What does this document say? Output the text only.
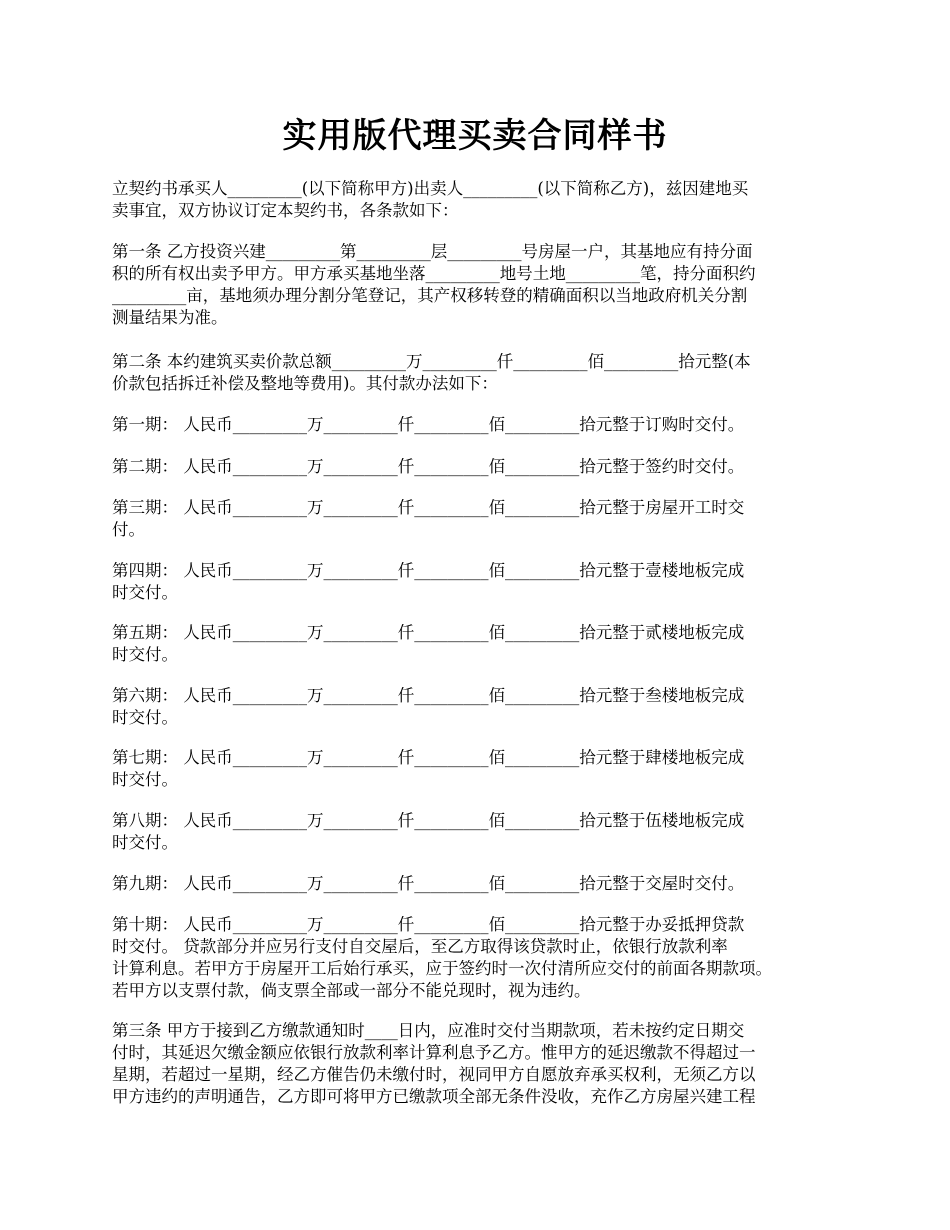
实用版代理买卖合同样书
立契约书承买人_________(以下简称甲方)出卖人_________(以下简称乙方)，兹因建地买
卖事宜，双方协议订定本契约书，各条款如下：
第一条 乙方投资兴建_________第_________层_________号房屋一户，其基地应有持分面
积的所有权出卖予甲方。甲方承买基地坐落_________地号土地_________笔，持分面积约
_________亩，基地须办理分割分笔登记，其产权移转登的精确面积以当地政府机关分割
测量结果为准。
第二条 本约建筑买卖价款总额_________万_________仟_________佰_________拾元整(本
价款包括拆迁补偿及整地等费用)。其付款办法如下：
第一期： 人民币_________万_________仟_________佰_________拾元整于订购时交付。
第二期： 人民币_________万_________仟_________佰_________拾元整于签约时交付。
第三期： 人民币_________万_________仟_________佰_________拾元整于房屋开工时交
付。
第四期： 人民币_________万_________仟_________佰_________拾元整于壹楼地板完成
时交付。
第五期： 人民币_________万_________仟_________佰_________拾元整于贰楼地板完成
时交付。
第六期： 人民币_________万_________仟_________佰_________拾元整于叁楼地板完成
时交付。
第七期： 人民币_________万_________仟_________佰_________拾元整于肆楼地板完成
时交付。
第八期： 人民币_________万_________仟_________佰_________拾元整于伍楼地板完成
时交付。
第九期： 人民币_________万_________仟_________佰_________拾元整于交屋时交付。
第十期： 人民币_________万_________仟_________佰_________拾元整于办妥抵押贷款
时交付。 贷款部分并应另行支付自交屋后，至乙方取得该贷款时止，依银行放款利率
计算利息。若甲方于房屋开工后始行承买，应于签约时一次付清所应交付的前面各期款项。
若甲方以支票付款，倘支票全部或一部分不能兑现时，视为违约。
第三条 甲方于接到乙方缴款通知时____日内，应准时交付当期款项，若未按约定日期交
付时，其延迟欠缴金额应依银行放款利率计算利息予乙方。惟甲方的延迟缴款不得超过一
星期，若超过一星期，经乙方催告仍未缴付时，视同甲方自愿放弃承买权利，无须乙方以
甲方违约的声明通告，乙方即可将甲方已缴款项全部无条件没收，充作乙方房屋兴建工程
